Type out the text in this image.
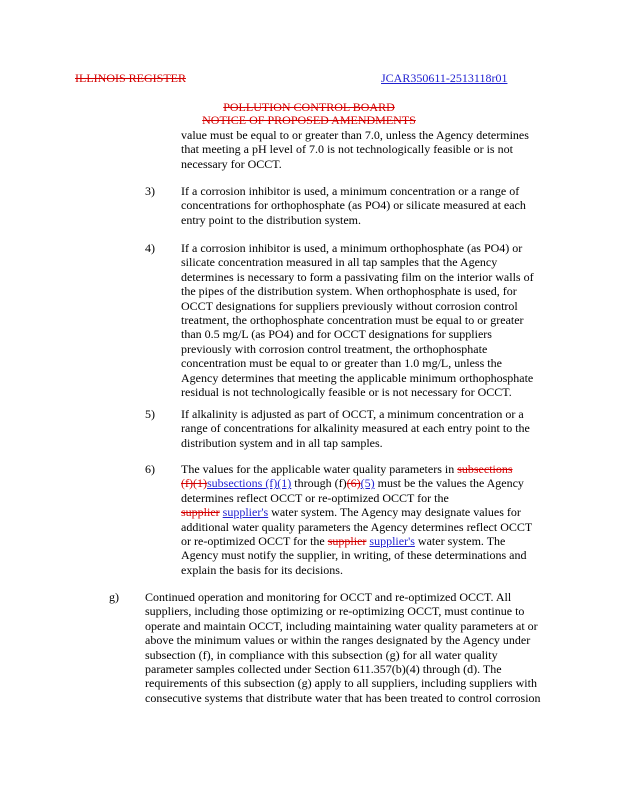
ILLINOIS REGISTER	JCAR350611-2513118r01
POLLUTION CONTROL BOARD
NOTICE OF PROPOSED AMENDMENTS
value must be equal to or greater than 7.0, unless the Agency determines
that meeting a pH level of 7.0 is not technologically feasible or is not
necessary for OCCT.
3) If a corrosion inhibitor is used, a minimum concentration or a range of
concentrations for orthophosphate (as PO4) or silicate measured at each
entry point to the distribution system.
4) If a corrosion inhibitor is used, a minimum orthophosphate (as PO4) or
silicate concentration measured in all tap samples that the Agency
determines is necessary to form a passivating film on the interior walls of
the pipes of the distribution system. When orthophosphate is used, for
OCCT designations for suppliers previously without corrosion control
treatment, the orthophosphate concentration must be equal to or greater
than 0.5 mg/L (as PO4) and for OCCT designations for suppliers
previously with corrosion control treatment, the orthophosphate
concentration must be equal to or greater than 1.0 mg/L, unless the
Agency determines that meeting the applicable minimum orthophosphate
residual is not technologically feasible or is not necessary for OCCT.
5) If alkalinity is adjusted as part of OCCT, a minimum concentration or a
range of concentrations for alkalinity measured at each entry point to the
distribution system and in all tap samples.
6) The values for the applicable water quality parameters in subsections
(f)(1)subsections (f)(1) through (f)(6)(5) must be the values the Agency
determines reflect OCCT or re-optimized OCCT for the
supplier supplier's water system. The Agency may designate values for
additional water quality parameters the Agency determines reflect OCCT
or re-optimized OCCT for the supplier supplier's water system. The
Agency must notify the supplier, in writing, of these determinations and
explain the basis for its decisions.
g) Continued operation and monitoring for OCCT and re-optimized OCCT. All
suppliers, including those optimizing or re-optimizing OCCT, must continue to
operate and maintain OCCT, including maintaining water quality parameters at or
above the minimum values or within the ranges designated by the Agency under
subsection (f), in compliance with this subsection (g) for all water quality
parameter samples collected under Section 611.357(b)(4) through (d). The
requirements of this subsection (g) apply to all suppliers, including suppliers with
consecutive systems that distribute water that has been treated to control corrosion
